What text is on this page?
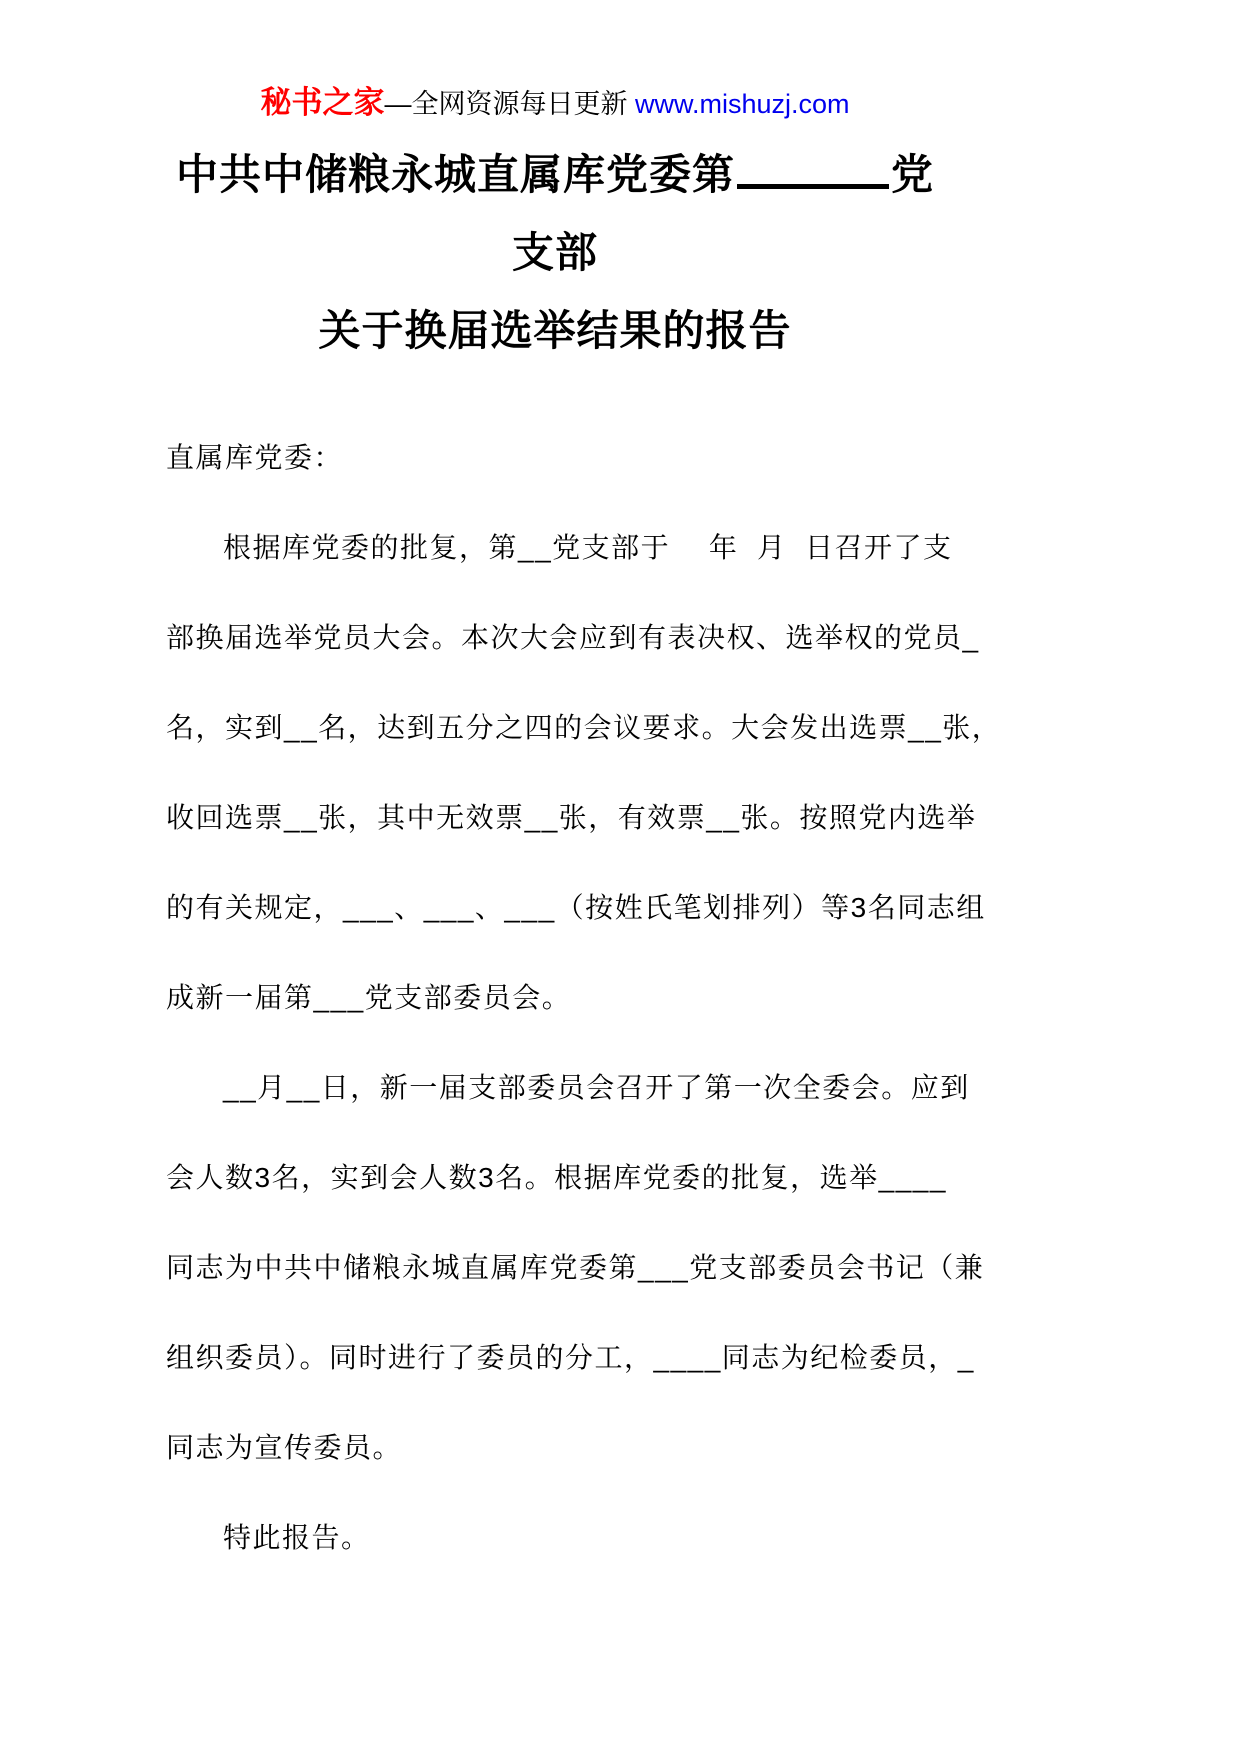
秘书之家—全网资源每日更新 www.mishuzj.com
中共中储粮永城直属库党委第	党支部
关于换届选举结果的报告
直属库党委：
根据库党委的批复，第__党支部于　 年  月  日召开了支
部换届选举党员大会。本次大会应到有表决权、选举权的党员_
名，实到__名，达到五分之四的会议要求。大会发出选票__张，
收回选票__张，其中无效票__张，有效票__张。按照党内选举
的有关规定，___、___、___（按姓氏笔划排列）等3名同志组
成新一届第___党支部委员会。
__月__日，新一届支部委员会召开了第一次全委会。应到
会人数3名，实到会人数3名。根据库党委的批复，选举____
同志为中共中储粮永城直属库党委第___党支部委员会书记（兼
组织委员）。同时进行了委员的分工，____同志为纪检委员，_
同志为宣传委员。
特此报告。
